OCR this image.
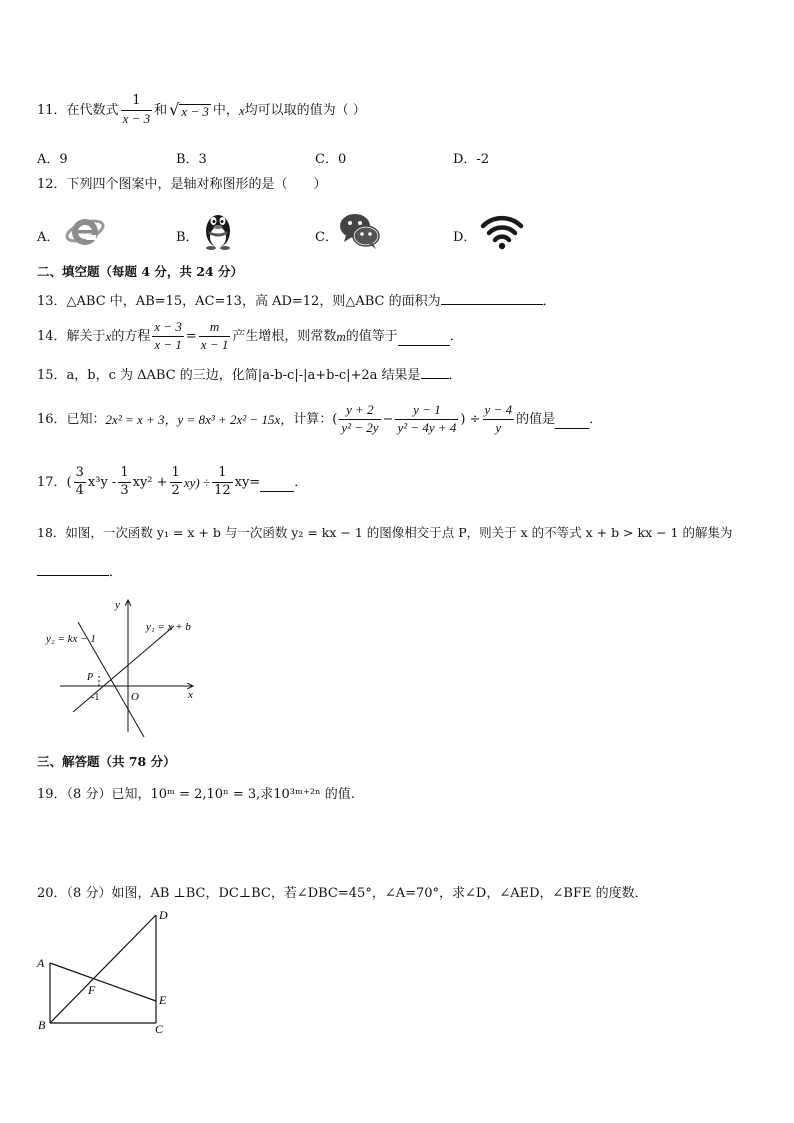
11． 在代数式 $\frac{1}{x - 3}$ 和 √ x − 3 中， x 均可以取的值为（ ）
A．9	B．3	C．0	D．-2
12．下列四个图案中，是轴对称图形的是（　　）
A．	B．	C．	D．
二、填空题（每题 4 分，共 24 分）
13．△ABC 中，AB=15，AC=13，高 AD=12，则△ABC 的面积为	．
14．解关于 x 的方程 $\frac{x - 3}{x - 1} = \frac{m}{x - 1}$ 产生增根，则常数 m 的值等于	．
15．a，b，c 为 ΔABC 的三边，化简|a-b-c|-|a+b-c|+2a 结果是 ．
16．已知： 2x² = x + 3，y = 8x³ + 2x² − 15x， 计算：( $\frac{y + 2}{\text{y² − 2y}} - \frac{y - 1}{\text{y² − 4y + 4}}$ ) ÷ $\frac{y - 4}{y}$ 的值是	．
17．( $\frac{3}{4} x^3y - \frac{1}{3} xy^2 + \frac{1}{2} xy) \div \frac{1}{12} xy=$	．
18．如图，一次函数 y₁ = x + b 与一次函数 y₂ = kx − 1 的图像相交于点 P，则关于 x 的不等式 x + b > kx − 1 的解集为
．
y
x
O
P
-1
y₁ = x + b
y₂ = kx − 1
三、解答题（共 78 分）
19．（8 分）已知，10ᵐ = 2,10ⁿ = 3,求10³ᵐ⁺²ⁿ 的值.
20．（8 分）如图，AB ⊥BC，DC⊥BC，若∠DBC=45°，∠A=70°，求∠D，∠AED，∠BFE 的度数．
D
A
F
E
B	C
